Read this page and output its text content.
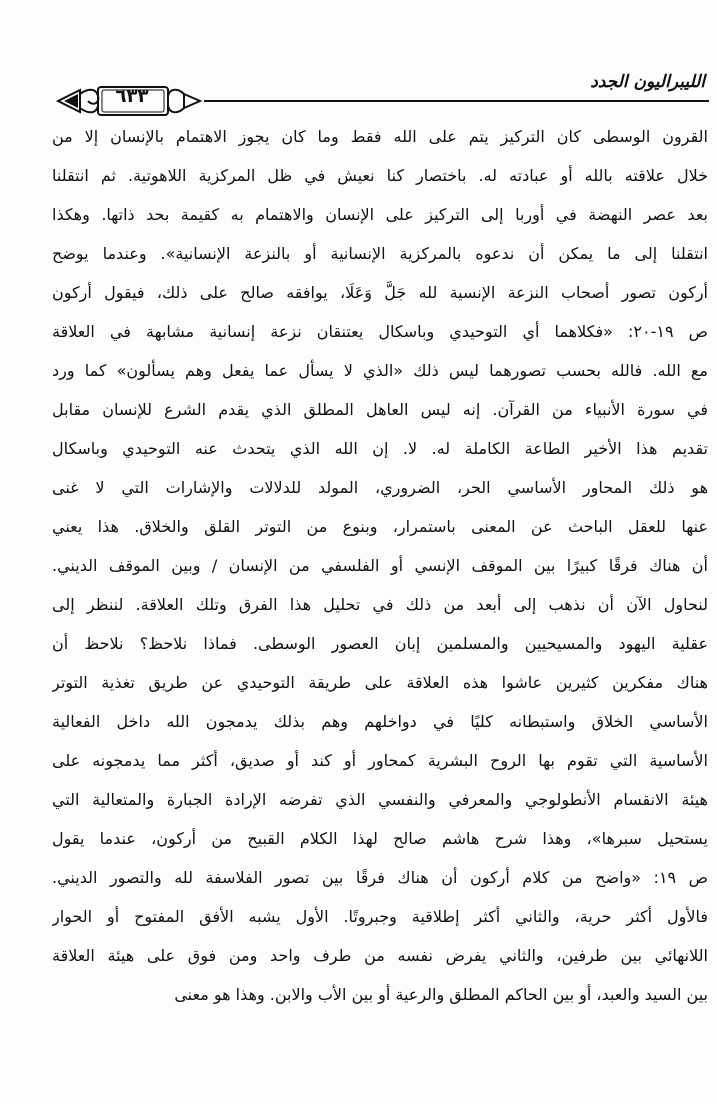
الليبراليون الجدد
٦٣٣
القرون الوسطى كان التركيز يتم على الله فقط وما كان يجوز الاهتمام بالإنسان إلا من
خلال علاقته بالله أو عبادته له. باختصار كنا نعيش في ظل المركزية اللاهوتية. ثم انتقلنا
بعد عصر النهضة في أوربا إلى التركيز على الإنسان والاهتمام به كقيمة بحد ذاتها. وهكذا
انتقلنا إلى ما يمكن أن ندعوه بالمركزية الإنسانية أو بالنزعة الإنسانية». وعندما يوضح
أركون تصور أصحاب النزعة الإنسية لله جَلَّ وَعَلَا، يوافقه صالح على ذلك، فيقول أركون
ص ١٩-٢٠: «فكلاهما أي التوحيدي وباسكال يعتنقان نزعة إنسانية مشابهة في العلاقة
مع الله. فالله بحسب تصورهما ليس ذلك «الذي لا يسأل عما يفعل وهم يسألون» كما ورد
في سورة الأنبياء من القرآن. إنه ليس العاهل المطلق الذي يقدم الشرع للإنسان مقابل
تقديم هذا الأخير الطاعة الكاملة له. لا. إن الله الذي يتحدث عنه التوحيدي وباسكال
هو ذلك المحاور الأساسي الحر، الضروري، المولد للدلالات والإشارات التي لا غنى
عنها للعقل الباحث عن المعنى باستمرار، وبنوع من التوتر القلق والخلاق. هذا يعني
أن هناك فرقًا كبيرًا بين الموقف الإنسي أو الفلسفي من الإنسان / وبين الموقف الديني.
لنحاول الآن أن نذهب إلى أبعد من ذلك في تحليل هذا الفرق وتلك العلاقة. لننظر إلى
عقلية اليهود والمسيحيين والمسلمين إبان العصور الوسطى. فماذا نلاحظ؟ نلاحظ أن
هناك مفكرين كثيرين عاشوا هذه العلاقة على طريقة التوحيدي عن طريق تغذية التوتر
الأساسي الخلاق واستبطانه كليًا في دواخلهم وهم بذلك يدمجون الله داخل الفعالية
الأساسية التي تقوم بها الروح البشرية كمحاور أو كند أو صديق، أكثر مما يدمجونه على
هيئة الانقسام الأنطولوجي والمعرفي والنفسي الذي تفرضه الإرادة الجبارة والمتعالية التي
يستحيل سبرها»، وهذا شرح هاشم صالح لهذا الكلام القبيح من أركون، عندما يقول
ص ١٩: «واضح من كلام أركون أن هناك فرقًا بين تصور الفلاسفة لله والتصور الديني.
فالأول أكثر حرية، والثاني أكثر إطلاقية وجبروتًا. الأول يشبه الأفق المفتوح أو الحوار
اللانهائي بين طرفين، والثاني يفرض نفسه من طرف واحد ومن فوق على هيئة العلاقة
بين السيد والعبد، أو بين الحاكم المطلق والرعية أو بين الأب والابن. وهذا هو معنى
